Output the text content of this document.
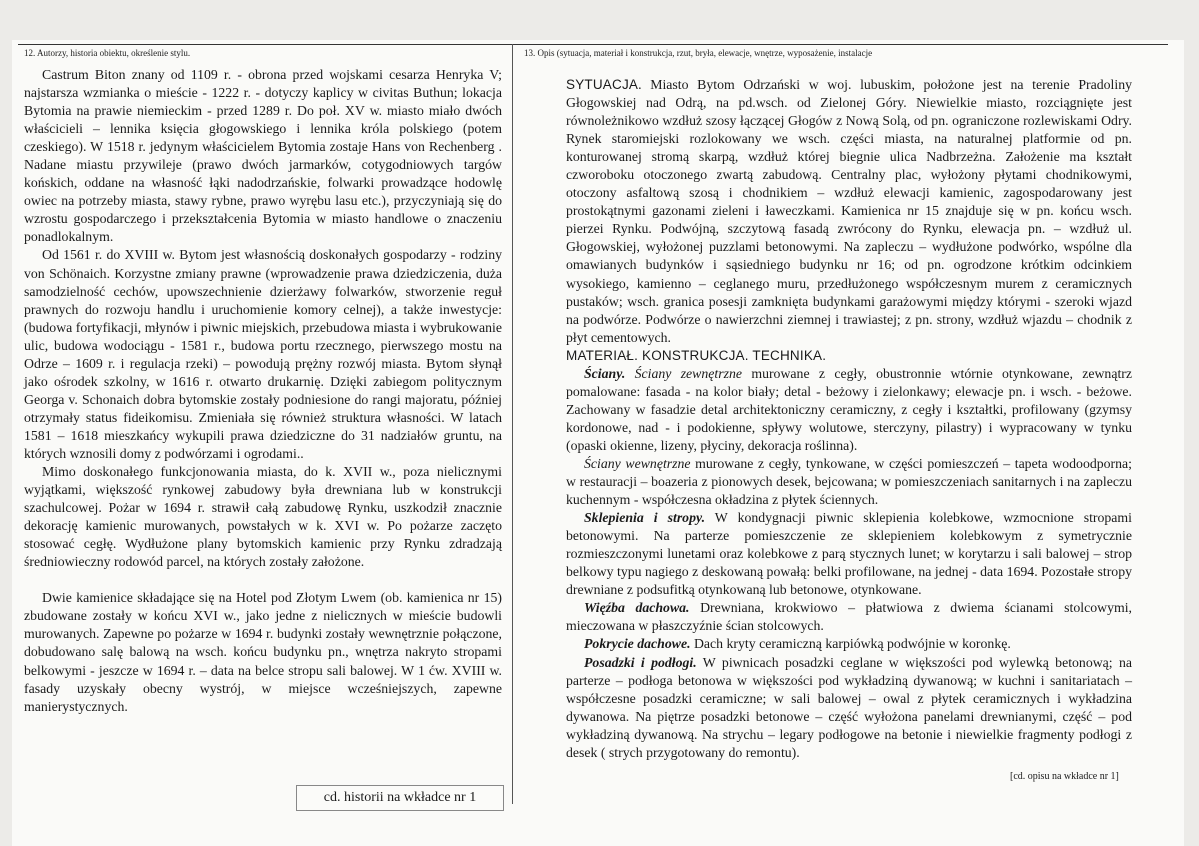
12. Autorzy, historia obiektu, określenie stylu.	13. Opis (sytuacja, materiał i konstrukcja, rzut, bryła, elewacje, wnętrze, wyposażenie, instalacje

Castrum Biton znany od 1109 r. - obrona przed wojskami cesarza Henryka V; najstarsza wzmianka o mieście - 1222 r. - dotyczy kaplicy w civitas Buthun; lokacja Bytomia na prawie niemieckim - przed 1289 r. Do poł. XV w. miasto miało dwóch właścicieli – lennika księcia głogowskiego i lennika króla polskiego (potem czeskiego). W 1518 r. jedynym właścicielem Bytomia zostaje Hans von Rechenberg . Nadane miastu przywileje (prawo dwóch jarmarków, cotygodniowych targów końskich, oddane na własność łąki nadodrzańskie, folwarki prowadzące hodowlę owiec na potrzeby miasta, stawy rybne, prawo wyrębu lasu etc.), przyczyniają się do wzrostu gospodarczego i przekształcenia Bytomia w miasto handlowe o znaczeniu ponadlokalnym.

Od 1561 r. do XVIII w. Bytom jest własnością doskonałych gospodarzy - rodziny von Schönaich. Korzystne zmiany prawne (wprowadzenie prawa dziedziczenia, duża samodzielność cechów, upowszechnienie dzierżawy folwarków, stworzenie reguł prawnych do rozwoju handlu i uruchomienie komory celnej), a także inwestycje: (budowa fortyfikacji, młynów i piwnic miejskich, przebudowa miasta i wybrukowanie ulic, budowa wodociągu - 1581 r., budowa portu rzecznego, pierwszego mostu na Odrze – 1609 r. i regulacja rzeki) – powodują prężny rozwój miasta. Bytom słynął jako ośrodek szkolny, w 1616 r. otwarto drukarnię. Dzięki zabiegom politycznym Georga v. Schonaich dobra bytomskie zostały podniesione do rangi majoratu, później otrzymały status fideikomisu. Zmieniała się również struktura własności. W latach 1581 – 1618 mieszkańcy wykupili prawa dziedziczne do 31 nadziałów gruntu, na których wznosili domy z podwórzami i ogrodami..

Mimo doskonałego funkcjonowania miasta, do k. XVII w., poza nielicznymi wyjątkami, większość rynkowej zabudowy była drewniana lub w konstrukcji szachulcowej. Pożar w 1694 r. strawił całą zabudowę Rynku, uszkodził znacznie dekorację kamienic murowanych, powstałych w k. XVI w. Po pożarze zaczęto stosować cegłę. Wydłużone plany bytomskich kamienic przy Rynku zdradzają średniowieczny rodowód parcel, na których zostały założone.

Dwie kamienice składające się na Hotel pod Złotym Lwem (ob. kamienica nr 15) zbudowane zostały w końcu XVI w., jako jedne z nielicznych w mieście budowli murowanych. Zapewne po pożarze w 1694 r. budynki zostały wewnętrznie połączone, dobudowano salę balową na wsch. końcu budynku pn., wnętrza nakryto stropami belkowymi - jeszcze w 1694 r. – data na belce stropu sali balowej. W 1 ćw. XVIII w. fasady uzyskały obecny wystrój, w miejsce wcześniejszych, zapewne manierystycznych.

cd. historii na wkładce nr 1

SYTUACJA. Miasto Bytom Odrzański w woj. lubuskim, położone jest na terenie Pradoliny Głogowskiej nad Odrą, na pd.wsch. od Zielonej Góry. Niewielkie miasto, rozciągnięte jest równoleżnikowo wzdłuż szosy łączącej Głogów z Nową Solą, od pn. ograniczone rozlewiskami Odry. Rynek staromiejski rozlokowany we wsch. części miasta, na naturalnej platformie od pn. konturowanej stromą skarpą, wzdłuż której biegnie ulica Nadbrzeżna. Założenie ma kształt czworoboku otoczonego zwartą zabudową. Centralny plac, wyłożony płytami chodnikowymi, otoczony asfaltową szosą i chodnikiem – wzdłuż elewacji kamienic, zagospodarowany jest prostokątnymi gazonami zieleni i ławeczkami. Kamienica nr 15 znajduje się w pn. końcu wsch. pierzei Rynku. Podwójną, szczytową fasadą zwrócony do Rynku, elewacja pn. – wzdłuż ul. Głogowskiej, wyłożonej puzzlami betonowymi. Na zapleczu – wydłużone podwórko, wspólne dla omawianych budynków i sąsiedniego budynku nr 16; od pn. ogrodzone krótkim odcinkiem wysokiego, kamienno – ceglanego muru, przedłużonego współczesnym murem z ceramicznych pustaków; wsch. granica posesji zamknięta budynkami garażowymi między którymi - szeroki wjazd na podwórze. Podwórze o nawierzchni ziemnej i trawiastej; z pn. strony, wzdłuż wjazdu – chodnik z płyt cementowych.

MATERIAŁ. KONSTRUKCJA. TECHNIKA.

Ściany. Ściany zewnętrzne murowane z cegły, obustronnie wtórnie otynkowane, zewnątrz pomalowane: fasada - na kolor biały; detal - beżowy i zielonkawy; elewacje pn. i wsch. - beżowe. Zachowany w fasadzie detal architektoniczny ceramiczny, z cegły i kształtki, profilowany (gzymsy kordonowe, nad - i podokienne, spływy wolutowe, sterczyny, pilastry) i wypracowany w tynku (opaski okienne, lizeny, płyciny, dekoracja roślinna).

Ściany wewnętrzne murowane z cegły, tynkowane, w części pomieszczeń – tapeta wodoodporna; w restauracji – boazeria z pionowych desek, bejcowana; w pomieszczeniach sanitarnych i na zapleczu kuchennym - współczesna okładzina z płytek ściennych.

Sklepienia i stropy. W kondygnacji piwnic sklepienia kolebkowe, wzmocnione stropami betonowymi. Na parterze pomieszczenie ze sklepieniem kolebkowym z symetrycznie rozmieszczonymi lunetami oraz kolebkowe z parą stycznych lunet; w korytarzu i sali balowej – strop belkowy typu nagiego z deskowaną powałą: belki profilowane, na jednej - data 1694. Pozostałe stropy drewniane z podsufitką otynkowaną lub betonowe, otynkowane.

Więźba dachowa. Drewniana, krokwiowo – płatwiowa z dwiema ścianami stolcowymi, mieczowana w płaszczyźnie ścian stolcowych.

Pokrycie dachowe. Dach kryty ceramiczną karpiówką podwójnie w koronkę.

Posadzki i podłogi. W piwnicach posadzki ceglane w większości pod wylewką betonową; na parterze – podłoga betonowa w większości pod wykładziną dywanową; w kuchni i sanitariatach – współczesne posadzki ceramiczne; w sali balowej – owal z płytek ceramicznych i wykładzina dywanowa. Na piętrze posadzki betonowe – część wyłożona panelami drewnianymi, część – pod wykładziną dywanową. Na strychu – legary podłogowe na betonie i niewielkie fragmenty podłogi z desek ( strych przygotowany do remontu).

[cd. opisu na wkładce nr 1]
